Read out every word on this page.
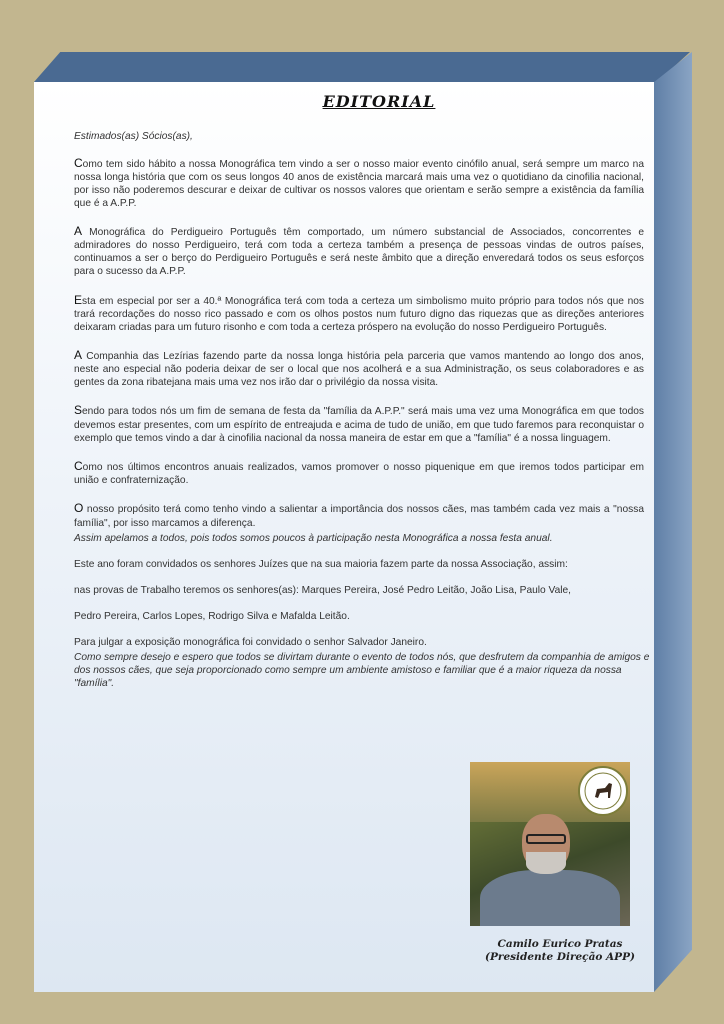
EDITORIAL

Estimados(as) Sócios(as),

Como tem sido hábito a nossa Monográfica tem vindo a ser o nosso maior evento cinófilo anual, será sempre um marco na nossa longa história que com os seus longos 40 anos de existência marcará mais uma vez o quotidiano da cinofilia nacional, por isso não poderemos descurar e deixar de cultivar os nossos valores que orientam e serão sempre a existência da família que é a A.P.P.

A Monográfica do Perdigueiro Português têm comportado, um número substancial de Associados, concorrentes e admiradores do nosso Perdigueiro, terá com toda a certeza também a presença de pessoas vindas de outros países, continuamos a ser o berço do Perdigueiro Português e será neste âmbito que a direção enveredará todos os seus esforços para o sucesso da A.P.P.

Esta em especial por ser a 40.ª Monográfica terá com toda a certeza um simbolismo muito próprio para todos nós que nos trará recordações do nosso rico passado e com os olhos postos num futuro digno das riquezas que as direções anteriores deixaram criadas para um futuro risonho e com toda a certeza próspero na evolução do nosso Perdigueiro Português.

A Companhia das Lezírias fazendo parte da nossa longa história pela parceria que vamos mantendo ao longo dos anos, neste ano especial não poderia deixar de ser o local que nos acolherá e a sua Administração, os seus colaboradores e as gentes da zona ribatejana mais uma vez nos irão dar o privilégio da nossa visita.

Sendo para todos nós um fim de semana de festa da "família da A.P.P." será mais uma vez uma Monográfica em que todos devemos estar presentes, com um espírito de entreajuda e acima de tudo de união, em que tudo faremos para reconquistar o exemplo que temos vindo a dar à cinofilia nacional da nossa maneira de estar em que a "família" é a nossa linguagem.

Como nos últimos encontros anuais realizados, vamos promover o nosso piquenique em que iremos todos participar em união e confraternização.

O nosso propósito terá como tenho vindo a salientar a importância dos nossos cães, mas também cada vez mais a "nossa família", por isso marcamos a diferença.

Assim apelamos a todos, pois todos somos poucos à participação nesta Monográfica a nossa festa anual.

Este ano foram convidados os senhores Juízes que na sua maioria fazem parte da nossa Associação, assim:

nas provas de Trabalho teremos os senhores(as): Marques Pereira, José Pedro Leitão, João Lisa, Paulo Vale,

Pedro Pereira, Carlos Lopes, Rodrigo Silva e Mafalda Leitão.

Para julgar a exposição monográfica foi convidado o senhor Salvador Janeiro.

Como sempre desejo e espero que todos se divirtam durante o evento de todos nós, que desfrutem da companhia de amigos e dos nossos cães, que seja proporcionado como sempre um ambiente amistoso e familiar que é a maior riqueza da nossa "família".

Camilo Eurico Pratas
(Presidente Direção APP)
